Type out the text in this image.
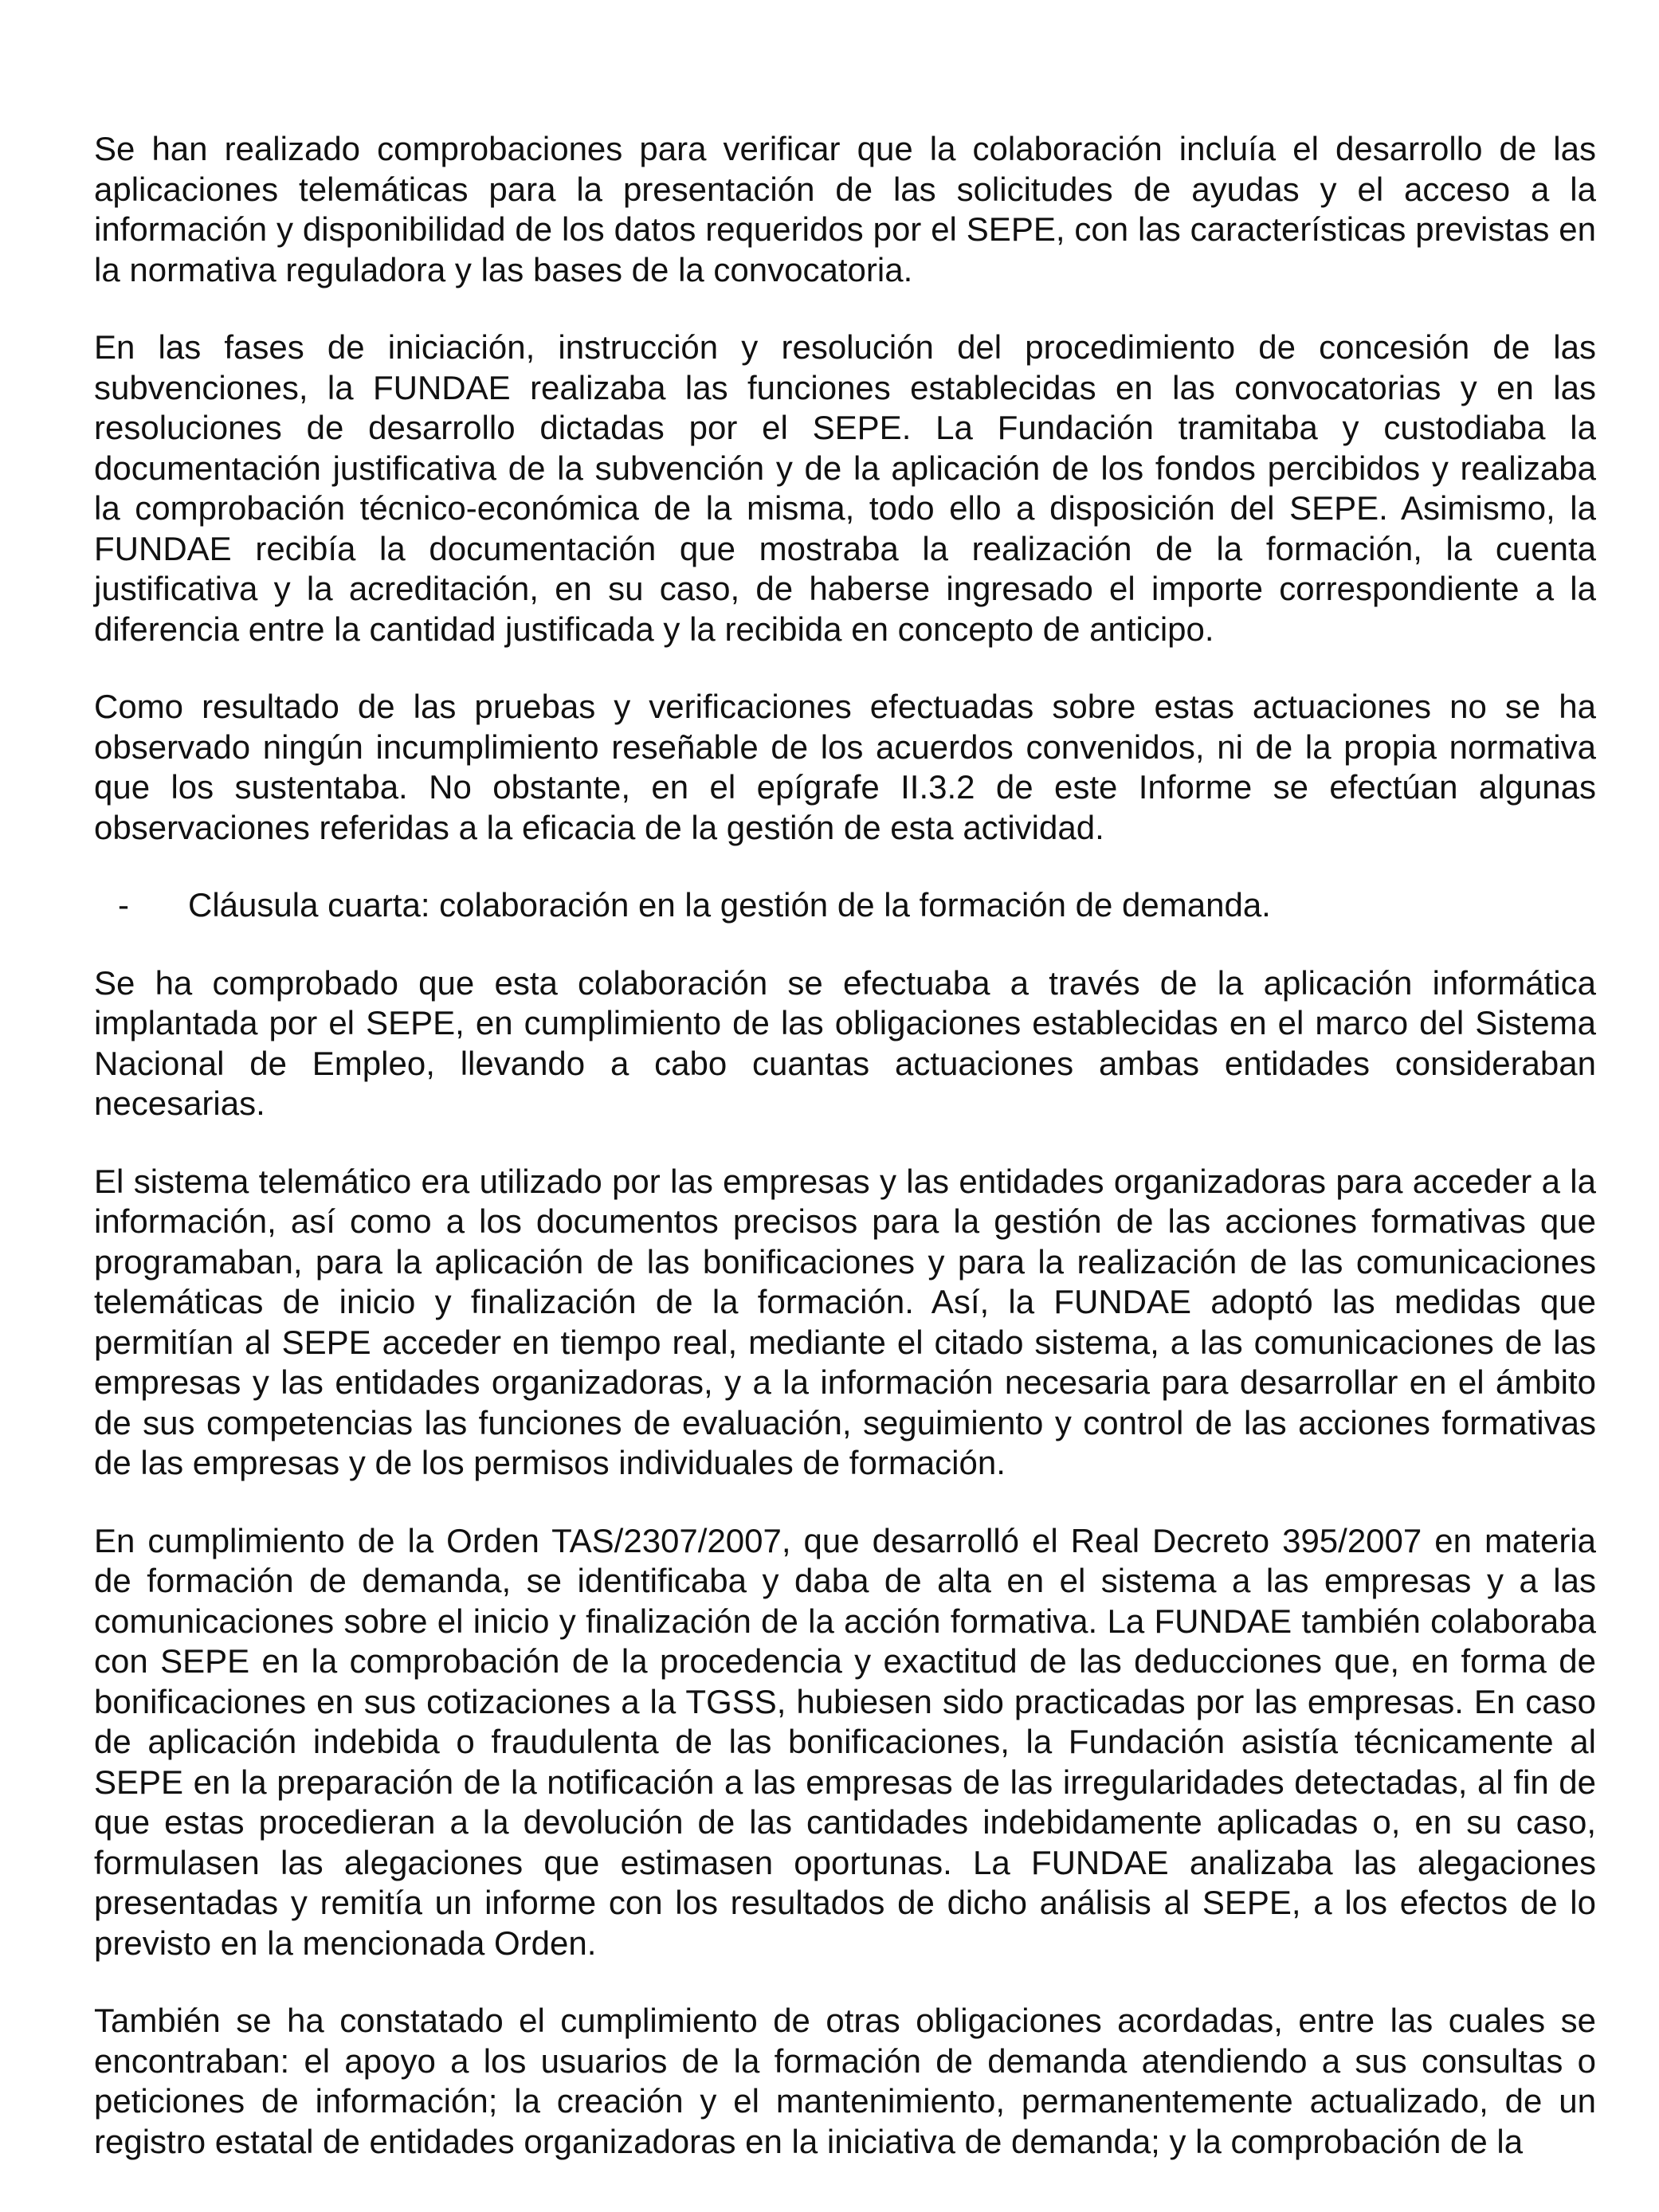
Se han realizado comprobaciones para verificar que la colaboración incluía el desarrollo de las aplicaciones telemáticas para la presentación de las solicitudes de ayudas y el acceso a la información y disponibilidad de los datos requeridos por el SEPE, con las características previstas en la normativa reguladora y las bases de la convocatoria.

En las fases de iniciación, instrucción y resolución del procedimiento de concesión de las subvenciones, la FUNDAE realizaba las funciones establecidas en las convocatorias y en las resoluciones de desarrollo dictadas por el SEPE. La Fundación tramitaba y custodiaba la documentación justificativa de la subvención y de la aplicación de los fondos percibidos y realizaba la comprobación técnico-económica de la misma, todo ello a disposición del SEPE. Asimismo, la FUNDAE recibía la documentación que mostraba la realización de la formación, la cuenta justificativa y la acreditación, en su caso, de haberse ingresado el importe correspondiente a la diferencia entre la cantidad justificada y la recibida en concepto de anticipo.

Como resultado de las pruebas y verificaciones efectuadas sobre estas actuaciones no se ha observado ningún incumplimiento reseñable de los acuerdos convenidos, ni de la propia normativa que los sustentaba. No obstante, en el epígrafe II.3.2 de este Informe se efectúan algunas observaciones referidas a la eficacia de la gestión de esta actividad.

-	Cláusula cuarta: colaboración en la gestión de la formación de demanda.

Se ha comprobado que esta colaboración se efectuaba a través de la aplicación informática implantada por el SEPE, en cumplimiento de las obligaciones establecidas en el marco del Sistema Nacional de Empleo, llevando a cabo cuantas actuaciones ambas entidades consideraban necesarias.

El sistema telemático era utilizado por las empresas y las entidades organizadoras para acceder a la información, así como a los documentos precisos para la gestión de las acciones formativas que programaban, para la aplicación de las bonificaciones y para la realización de las comunicaciones telemáticas de inicio y finalización de la formación. Así, la FUNDAE adoptó las medidas que permitían al SEPE acceder en tiempo real, mediante el citado sistema, a las comunicaciones de las empresas y las entidades organizadoras, y a la información necesaria para desarrollar en el ámbito de sus competencias las funciones de evaluación, seguimiento y control de las acciones formativas de las empresas y de los permisos individuales de formación.

En cumplimiento de la Orden TAS/2307/2007, que desarrolló el Real Decreto 395/2007 en materia de formación de demanda, se identificaba y daba de alta en el sistema a las empresas y a las comunicaciones sobre el inicio y finalización de la acción formativa. La FUNDAE también colaboraba con SEPE en la comprobación de la procedencia y exactitud de las deducciones que, en forma de bonificaciones en sus cotizaciones a la TGSS, hubiesen sido practicadas por las empresas. En caso de aplicación indebida o fraudulenta de las bonificaciones, la Fundación asistía técnicamente al SEPE en la preparación de la notificación a las empresas de las irregularidades detectadas, al fin de que estas procedieran a la devolución de las cantidades indebidamente aplicadas o, en su caso, formulasen las alegaciones que estimasen oportunas. La FUNDAE analizaba las alegaciones presentadas y remitía un informe con los resultados de dicho análisis al SEPE, a los efectos de lo previsto en la mencionada Orden.

También se ha constatado el cumplimiento de otras obligaciones acordadas, entre las cuales se encontraban: el apoyo a los usuarios de la formación de demanda atendiendo a sus consultas o peticiones de información; la creación y el mantenimiento, permanentemente actualizado, de un registro estatal de entidades organizadoras en la iniciativa de demanda; y la comprobación de la
